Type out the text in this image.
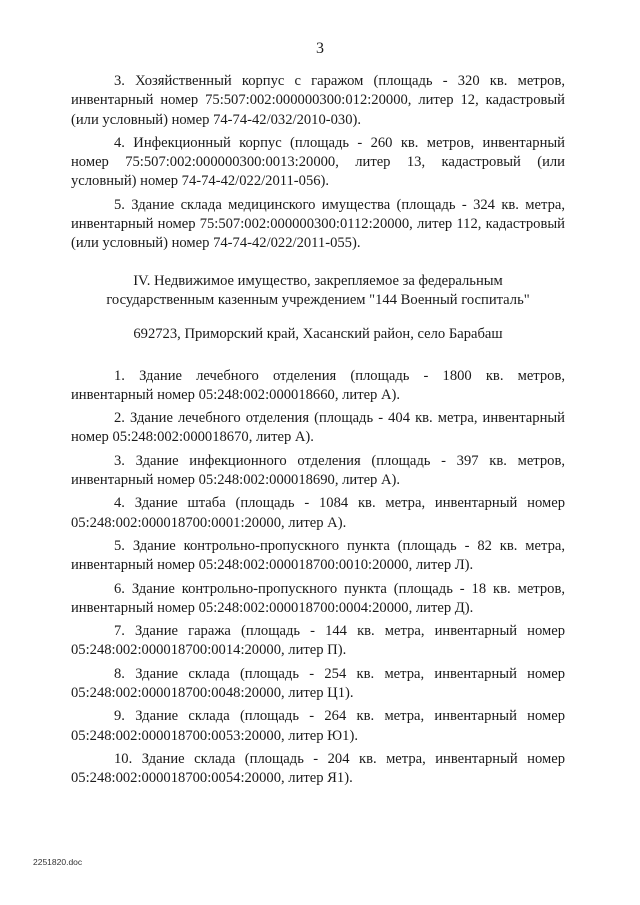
3

3. Хозяйственный корпус с гаражом (площадь - 320 кв. метров, инвентарный номер 75:507:002:000000300:012:20000, литер 12, кадастровый (или условный) номер 74-74-42/032/2010-030).

4. Инфекционный корпус (площадь - 260 кв. метров, инвентарный номер 75:507:002:000000300:0013:20000, литер 13, кадастровый (или условный) номер 74-74-42/022/2011-056).

5. Здание склада медицинского имущества (площадь - 324 кв. метра, инвентарный номер 75:507:002:000000300:0112:20000, литер 112, кадастровый (или условный) номер 74-74-42/022/2011-055).

IV. Недвижимое имущество, закрепляемое за федеральным
государственным казенным учреждением "144 Военный госпиталь"
692723, Приморский край, Хасанский район, село Барабаш

1. Здание лечебного отделения (площадь - 1800 кв. метров, инвентарный номер 05:248:002:000018660, литер А).

2. Здание лечебного отделения (площадь - 404 кв. метра, инвентарный номер 05:248:002:000018670, литер А).

3. Здание инфекционного отделения (площадь - 397 кв. метров, инвентарный номер 05:248:002:000018690, литер А).

4. Здание штаба (площадь - 1084 кв. метра, инвентарный номер 05:248:002:000018700:0001:20000, литер А).

5. Здание контрольно-пропускного пункта (площадь - 82 кв. метра, инвентарный номер 05:248:002:000018700:0010:20000, литер Л).

6. Здание контрольно-пропускного пункта (площадь - 18 кв. метров, инвентарный номер 05:248:002:000018700:0004:20000, литер Д).

7. Здание гаража (площадь - 144 кв. метра, инвентарный номер 05:248:002:000018700:0014:20000, литер П).

8. Здание склада (площадь - 254 кв. метра, инвентарный номер 05:248:002:000018700:0048:20000, литер Ц1).

9. Здание склада (площадь - 264 кв. метра, инвентарный номер 05:248:002:000018700:0053:20000, литер Ю1).

10. Здание склада (площадь - 204 кв. метра, инвентарный номер 05:248:002:000018700:0054:20000, литер Я1).

2251820.doc
